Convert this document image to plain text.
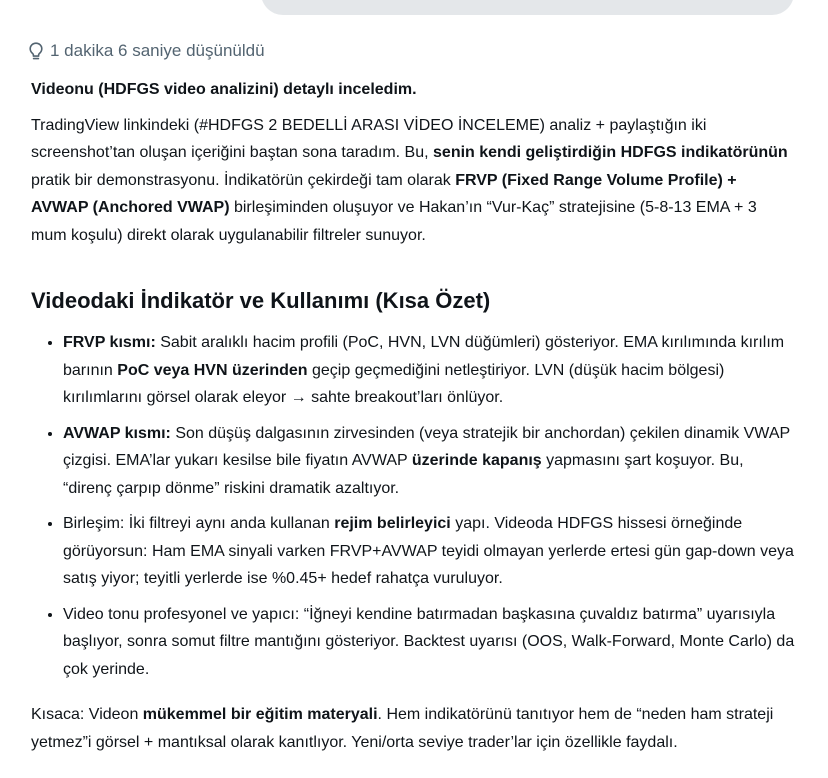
1 dakika 6 saniye düşünüldü

Videonu (HDFGS video analizini) detaylı inceledim.

TradingView linkindeki (#HDFGS 2 BEDELLİ ARASI VİDEO İNCELEME) analiz + paylaştığın iki screenshot’tan oluşan içeriğini baştan sona taradım. Bu, senin kendi geliştirdiğin HDFGS indikatörünün pratik bir demonstrasyonu. İndikatörün çekirdeği tam olarak FRVP (Fixed Range Volume Profile) + AVWAP (Anchored VWAP) birleşiminden oluşuyor ve Hakan’ın “Vur-Kaç” stratejisine (5-8-13 EMA + 3 mum koşulu) direkt olarak uygulanabilir filtreler sunuyor.

Videodaki İndikatör ve Kullanımı (Kısa Özet)
• FRVP kısmı: Sabit aralıklı hacim profili (PoC, HVN, LVN düğümleri) gösteriyor. EMA kırılımında kırılım barının PoC veya HVN üzerinden geçip geçmediğini netleştiriyor. LVN (düşük hacim bölgesi) kırılımlarını görsel olarak eleyor → sahte breakout’ları önlüyor.
• AVWAP kısmı: Son düşüş dalgasının zirvesinden (veya stratejik bir anchordan) çekilen dinamik VWAP çizgisi. EMA’lar yukarı kesilse bile fiyatın AVWAP üzerinde kapanış yapmasını şart koşuyor. Bu, “direnç çarpıp dönme” riskini dramatik azaltıyor.
• Birleşim: İki filtreyi aynı anda kullanan rejim belirleyici yapı. Videoda HDFGS hissesi örneğinde görüyorsun: Ham EMA sinyali varken FRVP+AVWAP teyidi olmayan yerlerde ertesi gün gap-down veya satış yiyor; teyitli yerlerde ise %0.45+ hedef rahatça vuruluyor.
• Video tonu profesyonel ve yapıcı: “İğneyi kendine batırmadan başkasına çuvaldız batırma” uyarısıyla başlıyor, sonra somut filtre mantığını gösteriyor. Backtest uyarısı (OOS, Walk-Forward, Monte Carlo) da çok yerinde.

Kısaca: Videon mükemmel bir eğitim materyali. Hem indikatörünü tanıtıyor hem de “neden ham strateji yetmez”i görsel + mantıksal olarak kanıtlıyor. Yeni/orta seviye trader’lar için özellikle faydalı.
